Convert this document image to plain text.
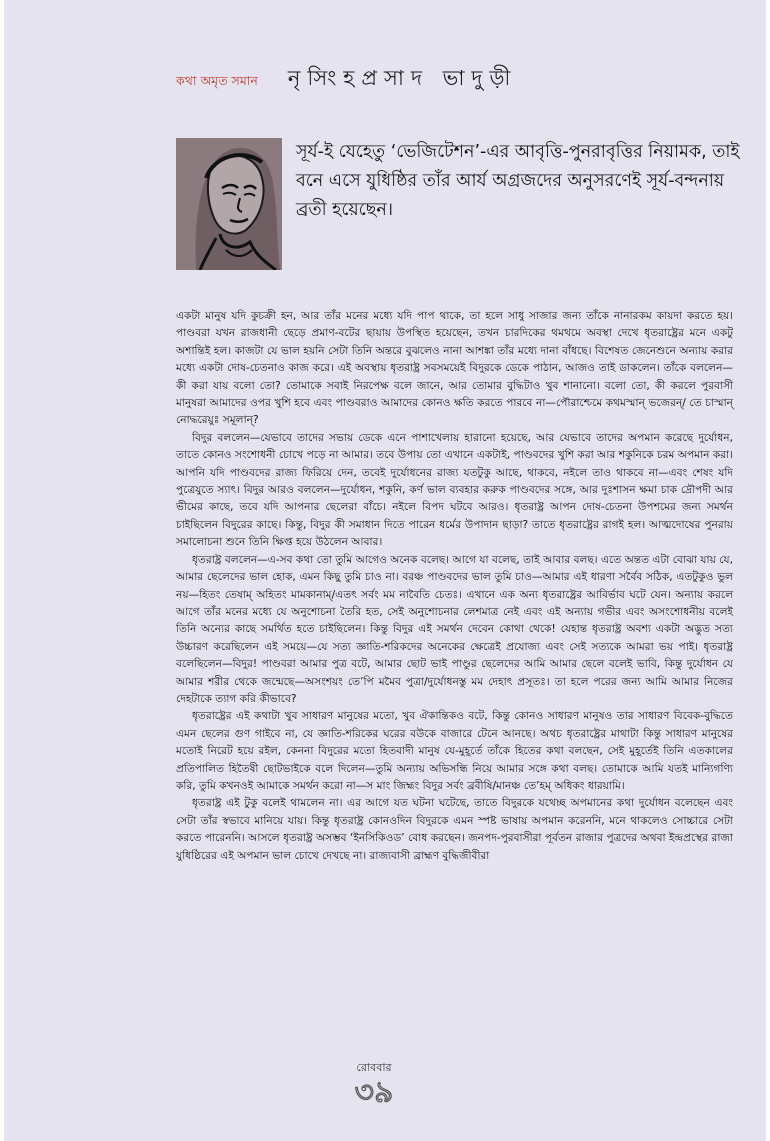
কথা অমৃত সমান নৃসিংহপ্রসাদ ভাদুড়ী
সূর্য-ই যেহেতু ‘ভেজিটেশন’-এর আবৃত্তি-পুনরাবৃত্তির নিয়ামক, তাই বনে এসে যুধিষ্ঠির তাঁর আর্য অগ্রজদের অনুসরণেই সূর্য-বন্দনায় ব্রতী হয়েছেন।

একটা মানুষ যদি কুচক্রী হন, আর তাঁর মনের মধ্যে যদি পাপ থাকে, তা হলে সাধু সাজার জন্য তাঁকে নানারকম কায়দা করতে হয়। পাণ্ডবরা যখন রাজধানী ছেড়ে প্রমাণ-বটের ছায়ায় উপস্থিত হয়েছেন, তখন চারদিকের থমথমে অবস্থা দেখে ধৃতরাষ্ট্রের মনে একটু অশান্তিই হল। কাজটা যে ভাল হয়নি সেটা তিনি অন্তরে বুঝলেও নানা আশঙ্কা তাঁর মধ্যে দানা বাঁধছে। বিশেষত জেনেশুনে অন্যায় করার মধ্যে একটা দোষ-চেতনাও কাজ করে। এই অবস্থায় ধৃতরাষ্ট্র সবসময়েই বিদুরকে ডেকে পাঠান, আজও তাই ডাকলেন। তাঁকে বললেন—কী করা যায় বলো তো? তোমাকে সবাই নিরপেক্ষ বলে জানে, আর তোমার বুদ্ধিটাও খুব শানানো। বলো তো, কী করলে পুরবাসী মানুষরা আমাদের ওপর খুশি হবে এবং পাণ্ডবরাও আমাদের কোনও ক্ষতি করতে পারবে না—পৌরাশ্চেমে কথমস্মান্ ভজেরন্/ তে চাস্মান্ নোদ্ধরেয়ুঃ সমূলান্?

বিদুর বললেন—যেভাবে তাদের সভায় ডেকে এনে পাশাখেলায় হারানো হয়েছে, আর যেভাবে তাদের অপমান করেছে দুর্যোধন, তাতে কোনও সংশোধনী চোখে পড়ে না আমার। তবে উপায় তো এখানে একটাই, পাণ্ডবদের খুশি করা আর শকুনিকে চরম অপমান করা। আপনি যদি পাণ্ডবদের রাজ্য ফিরিয়ে দেন, তবেই দুর্যোধনের রাজ্য যতটুকু আছে, থাকবে, নইলে তাও থাকবে না—এবং শেষং যদি পুত্রেযুতে স্যাৎ। বিদুর আরও বললেন—দুর্যোধন, শকুনি, কর্ণ ভাল ব্যবহার করুক পাণ্ডবদের সঙ্গে, আর দুঃশাসন ক্ষমা চাক দ্রৌপদী আর ভীমের কাছে, তবে যদি আপনার ছেলেরা বাঁচে। নইলে বিপদ ঘটবে আরও। ধৃতরাষ্ট্র আপন দোষ-চেতনা উপশমের জন্য সমর্থন চাইছিলেন বিদুরের কাছে। কিন্তু, বিদুর কী সমাধান দিতে পারেন ধর্মের উপাদান ছাড়া? তাতে ধৃতরাষ্ট্রের রাগই হল। আত্মদোষের পুনরায় সমালোচনা শুনে তিনি ক্ষিপ্ত হয়ে উঠলেন আবার।

ধৃতরাষ্ট্র বললেন—এ-সব কথা তো তুমি আগেও অনেক বলেছ। আগে যা বলেছ, তাই আবার বলছ। এতে অন্তত এটা বোঝা যায় যে, আমার ছেলেদের ভাল হোক, এমন কিছু তুমি চাও না। বরঞ্চ পাণ্ডবদের ভাল তুমি চাও—আমার এই ধারণা সর্বৈব সঠিক, এতটুকুও ভুল নয়—হিতং তেষাম্ অহিতং মামকানাম্/এতৎ সর্বং মম নাবৈতি চেতঃ। এখানে এক অন্য ধৃতরাষ্ট্রের আবির্ভাব ঘটে যেন। অন্যায় করলে আগে তাঁর মনের মধ্যে যে অনুশোচনা তৈরি হত, সেই অনুশোচনার লেশমাত্র নেই এবং এই অন্যায় গভীর এবং অসংশোধনীয় বলেই তিনি অন্যের কাছে সমর্থিত হতে চাইছিলেন। কিন্তু বিদুর এই সমর্থন দেবেন কোথা থেকে! যেহান্ত ধৃতরাষ্ট্র অবশ্য একটা অদ্ভুত সত্য উচ্চারণ করেছিলেন এই সময়ে—যে সত্য জ্ঞাতি-শরিকদের অনেকের ক্ষেত্রেই প্রযোজ্য এবং সেই সত্যকে আমরা ভয় পাই। ধৃতরাষ্ট্র বলেছিলেন—বিদুর! পাণ্ডবরা আমার পুত্র বটে, আমার ছোট ভাই পাণ্ডুর ছেলেদের আমি আমার ছেলে বলেই ভাবি, কিন্তু দুর্যোধন যে আমার শরীর থেকে জন্মেছে—অসংশয়ং তে’পি মমৈব পুত্রা/দুর্যোধনস্তু মম দেহাৎ প্রসূতঃ। তা হলে পরের জন্য আমি আমার নিজের দেহটাকে ত্যাগ করি কীভাবে?

ধৃতরাষ্ট্রের এই কথাটা খুব সাধারণ মানুষের মতো, খুব ঐকান্তিকও বটে, কিন্তু কোনও সাধারণ মানুষও তার সাধারণ বিবেক-বুদ্ধিতে এমন ছেলের গুণ গাইবে না, যে জ্ঞাতি-শরিকের ঘরের বউকে বাজারে টেনে আনছে। অথচ ধৃতরাষ্ট্রের মাথাটা কিন্তু সাধারণ মানুষের মতোই নিরেট হয়ে রইল, কেননা বিদুরের মতো হিতবাদী মানুষ যে-মুহূর্তে তাঁকে হিতের কথা বলছেন, সেই মুহূর্তেই তিনি এতকালের প্রতিপালিত হিতৈষী ছোটভাইকে বলে দিলেন—তুমি অন্যায় অভিসন্ধি নিয়ে আমার সঙ্গে কথা বলছ। তোমাকে আমি যতই মান্যিগণ্যি করি, তুমি কখনওই আমাকে সমর্থন করো না—স মাং জিহ্মং বিদুর সর্বং ব্রবীষি/মানঞ্চ তে’হম্ অধিকং ধারয়ামি।

ধৃতরাষ্ট্র এই টুকু বলেই থামলেন না। এর আগে যত ঘটনা ঘটেছে, তাতে বিদুরকে যথেচ্ছ অপমানের কথা দুর্যোধন বলেছেন এবং সেটা তাঁর স্বভাবে মানিয়ে যায়। কিন্তু ধৃতরাষ্ট্র কোনওদিন বিদুরকে এমন স্পষ্ট ভাষায় অপমান করেননি, মনে থাকলেও সোচ্চারে সেটা করতে পারেননি। আসলে ধৃতরাষ্ট্র অসম্ভব ‘ইনসিকিওড’ বোধ করছেন। জনপদ-পুরবাসীরা পূর্বতন রাজার পুত্রদের অথবা ইন্দ্রপ্রস্থের রাজা যুধিষ্ঠিরের এই অপমান ভাল চোখে দেখছে না। রাজ্যবাসী ব্রাহ্মণ বুদ্ধিজীবীরা

রোববার
৩৯
